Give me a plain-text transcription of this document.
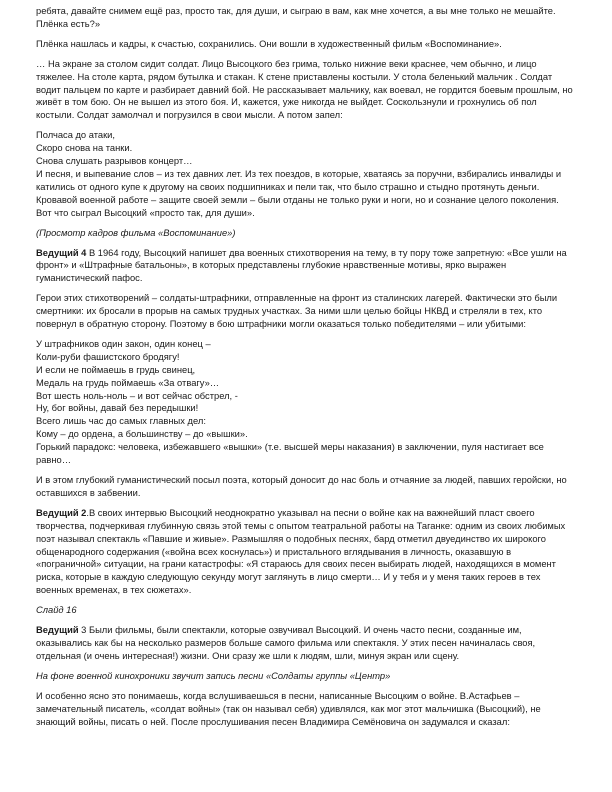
ребята, давайте снимем ещё раз, просто так, для души, и сыграю в вам, как мне хочется, а вы мне только не мешайте. Плёнка есть?»

Плёнка нашлась и кадры, к счастью, сохранились. Они вошли в художественный фильм «Воспоминание».

… На экране за столом сидит солдат. Лицо Высоцкого без грима, только нижние веки краснее, чем обычно, и лицо тяжелее. На столе карта, рядом бутылка и стакан. К стене приставлены костыли. У стола беленький мальчик . Солдат водит пальцем по карте и разбирает давний бой. Не рассказывает мальчику, как воевал, не гордится боевым прошлым, но живёт в том бою. Он не вышел из этого боя. И, кажется, уже никогда не выйдет. Соскользнули и грохнулись об пол костыли. Солдат замолчал и погрузился в свои мысли. А потом запел:

Полчаса до атаки,

Скоро снова на танки.

Снова слушать разрывов концерт…

И песня, и выпевание слов – из тех давних лет. Из тех поездов, в которые, хватаясь за поручни, взбирались инвалиды и катились от одного купе к другому на своих подшипниках и пели так, что было страшно и стыдно протянуть деньги. Кровавой военной работе – защите своей земли – были отданы не только руки и ноги, но и сознание целого поколения. Вот что сыграл Высоцкий «просто так, для души».

(Просмотр кадров фильма «Воспоминание»)

Ведущий 4 В 1964 году, Высоцкий напишет два военных стихотворения на тему, в ту пору тоже запретную: «Все ушли на фронт» и «Штрафные батальоны», в которых представлены глубокие нравственные мотивы, ярко выражен гуманистический пафос.

Герои этих стихотворений – солдаты-штрафники, отправленные на фронт из сталинских лагерей. Фактически это были смертники: их бросали в прорыв на самых трудных участках. За ними шли целью бойцы НКВД и стреляли в тех, кто повернул в обратную сторону. Поэтому в бою штрафники могли оказаться только победителями – или убитыми:

У штрафников один закон, один конец –

Коли-руби фашистского бродягу!

И если не поймаешь в грудь свинец,

Медаль на грудь поймаешь «За отвагу»…

Вот шесть ноль-ноль – и вот сейчас обстрел, -

Ну, бог войны, давай без передышки!

Всего лишь час до самых главных дел:

Кому – до ордена, а большинству – до «вышки».

Горький парадокс: человека, избежавшего «вышки» (т.е. высшей меры наказания) в заключении, пуля настигает все равно…

И в этом глубокий гуманистический посыл поэта, который доносит до нас боль и отчаяние за людей, павших геройски, но оставшихся в забвении.

Ведущий 2.В своих интервью Высоцкий неоднократно указывал на песни о войне как на важнейший пласт своего творчества, подчеркивая глубинную связь этой темы с опытом театральной работы на Таганке: одним из своих любимых поэт называл спектакль «Павшие и живые». Размышляя о подобных песнях, бард отметил двуединство их широкого общенародного содержания («война всех коснулась») и пристального вглядывания в личность, оказавшую в «пограничной» ситуации, на грани катастрофы: «Я стараюсь для своих песен выбирать людей, находящихся в момент риска, которые в каждую следующую секунду могут заглянуть в лицо смерти… И у тебя и у меня таких героев в тех военных временах, в тех сюжетах».

Слайд 16

Ведущий 3 Были фильмы, были спектакли, которые озвучивал Высоцкий. И очень часто песни, созданные им, оказывались как бы на несколько размеров больше самого фильма или спектакля. У этих песен начиналась своя, отдельная (и очень интересная!) жизни. Они сразу же шли к людям, шли, минуя экран или сцену.

На фоне военной кинохроники звучит запись песни «Солдаты группы «Центр»

И особенно ясно это понимаешь, когда вслушиваешься в песни, написанные Высоцким о войне. В.Астафьев – замечательный писатель, «солдат войны» (так он называл себя) удивлялся, как мог этот мальчишка (Высоцкий), не знающий войны, писать о ней. После прослушивания песен Владимира Семёновича он задумался и сказал:
